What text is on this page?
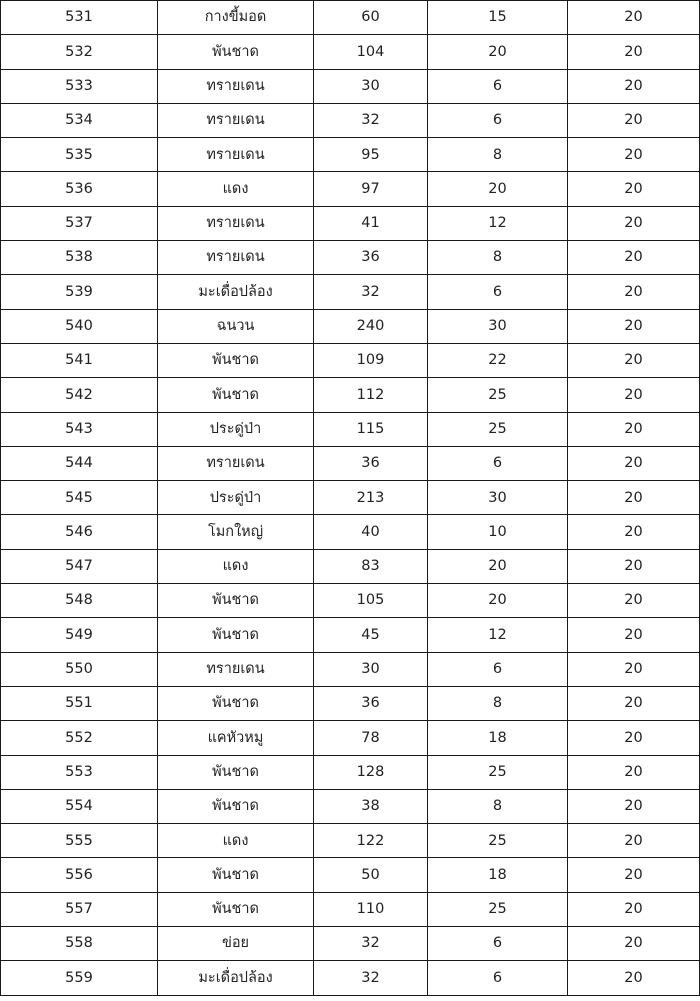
531	กางขี้มอด	60	15	20
532	พันชาด	104	20	20
533	ทรายเดน	30	6	20
534	ทรายเดน	32	6	20
535	ทรายเดน	95	8	20
536	แดง	97	20	20
537	ทรายเดน	41	12	20
538	ทรายเดน	36	8	20
539	มะเดื่อปล้อง	32	6	20
540	ฉนวน	240	30	20
541	พันชาด	109	22	20
542	พันชาด	112	25	20
543	ประดู่ป่า	115	25	20
544	ทรายเดน	36	6	20
545	ประดู่ป่า	213	30	20
546	โมกใหญ่	40	10	20
547	แดง	83	20	20
548	พันชาด	105	20	20
549	พันชาด	45	12	20
550	ทรายเดน	30	6	20
551	พันชาด	36	8	20
552	แคหัวหมู	78	18	20
553	พันชาด	128	25	20
554	พันชาด	38	8	20
555	แดง	122	25	20
556	พันชาด	50	18	20
557	พันชาด	110	25	20
558	ข่อย	32	6	20
559	มะเดื่อปล้อง	32	6	20
